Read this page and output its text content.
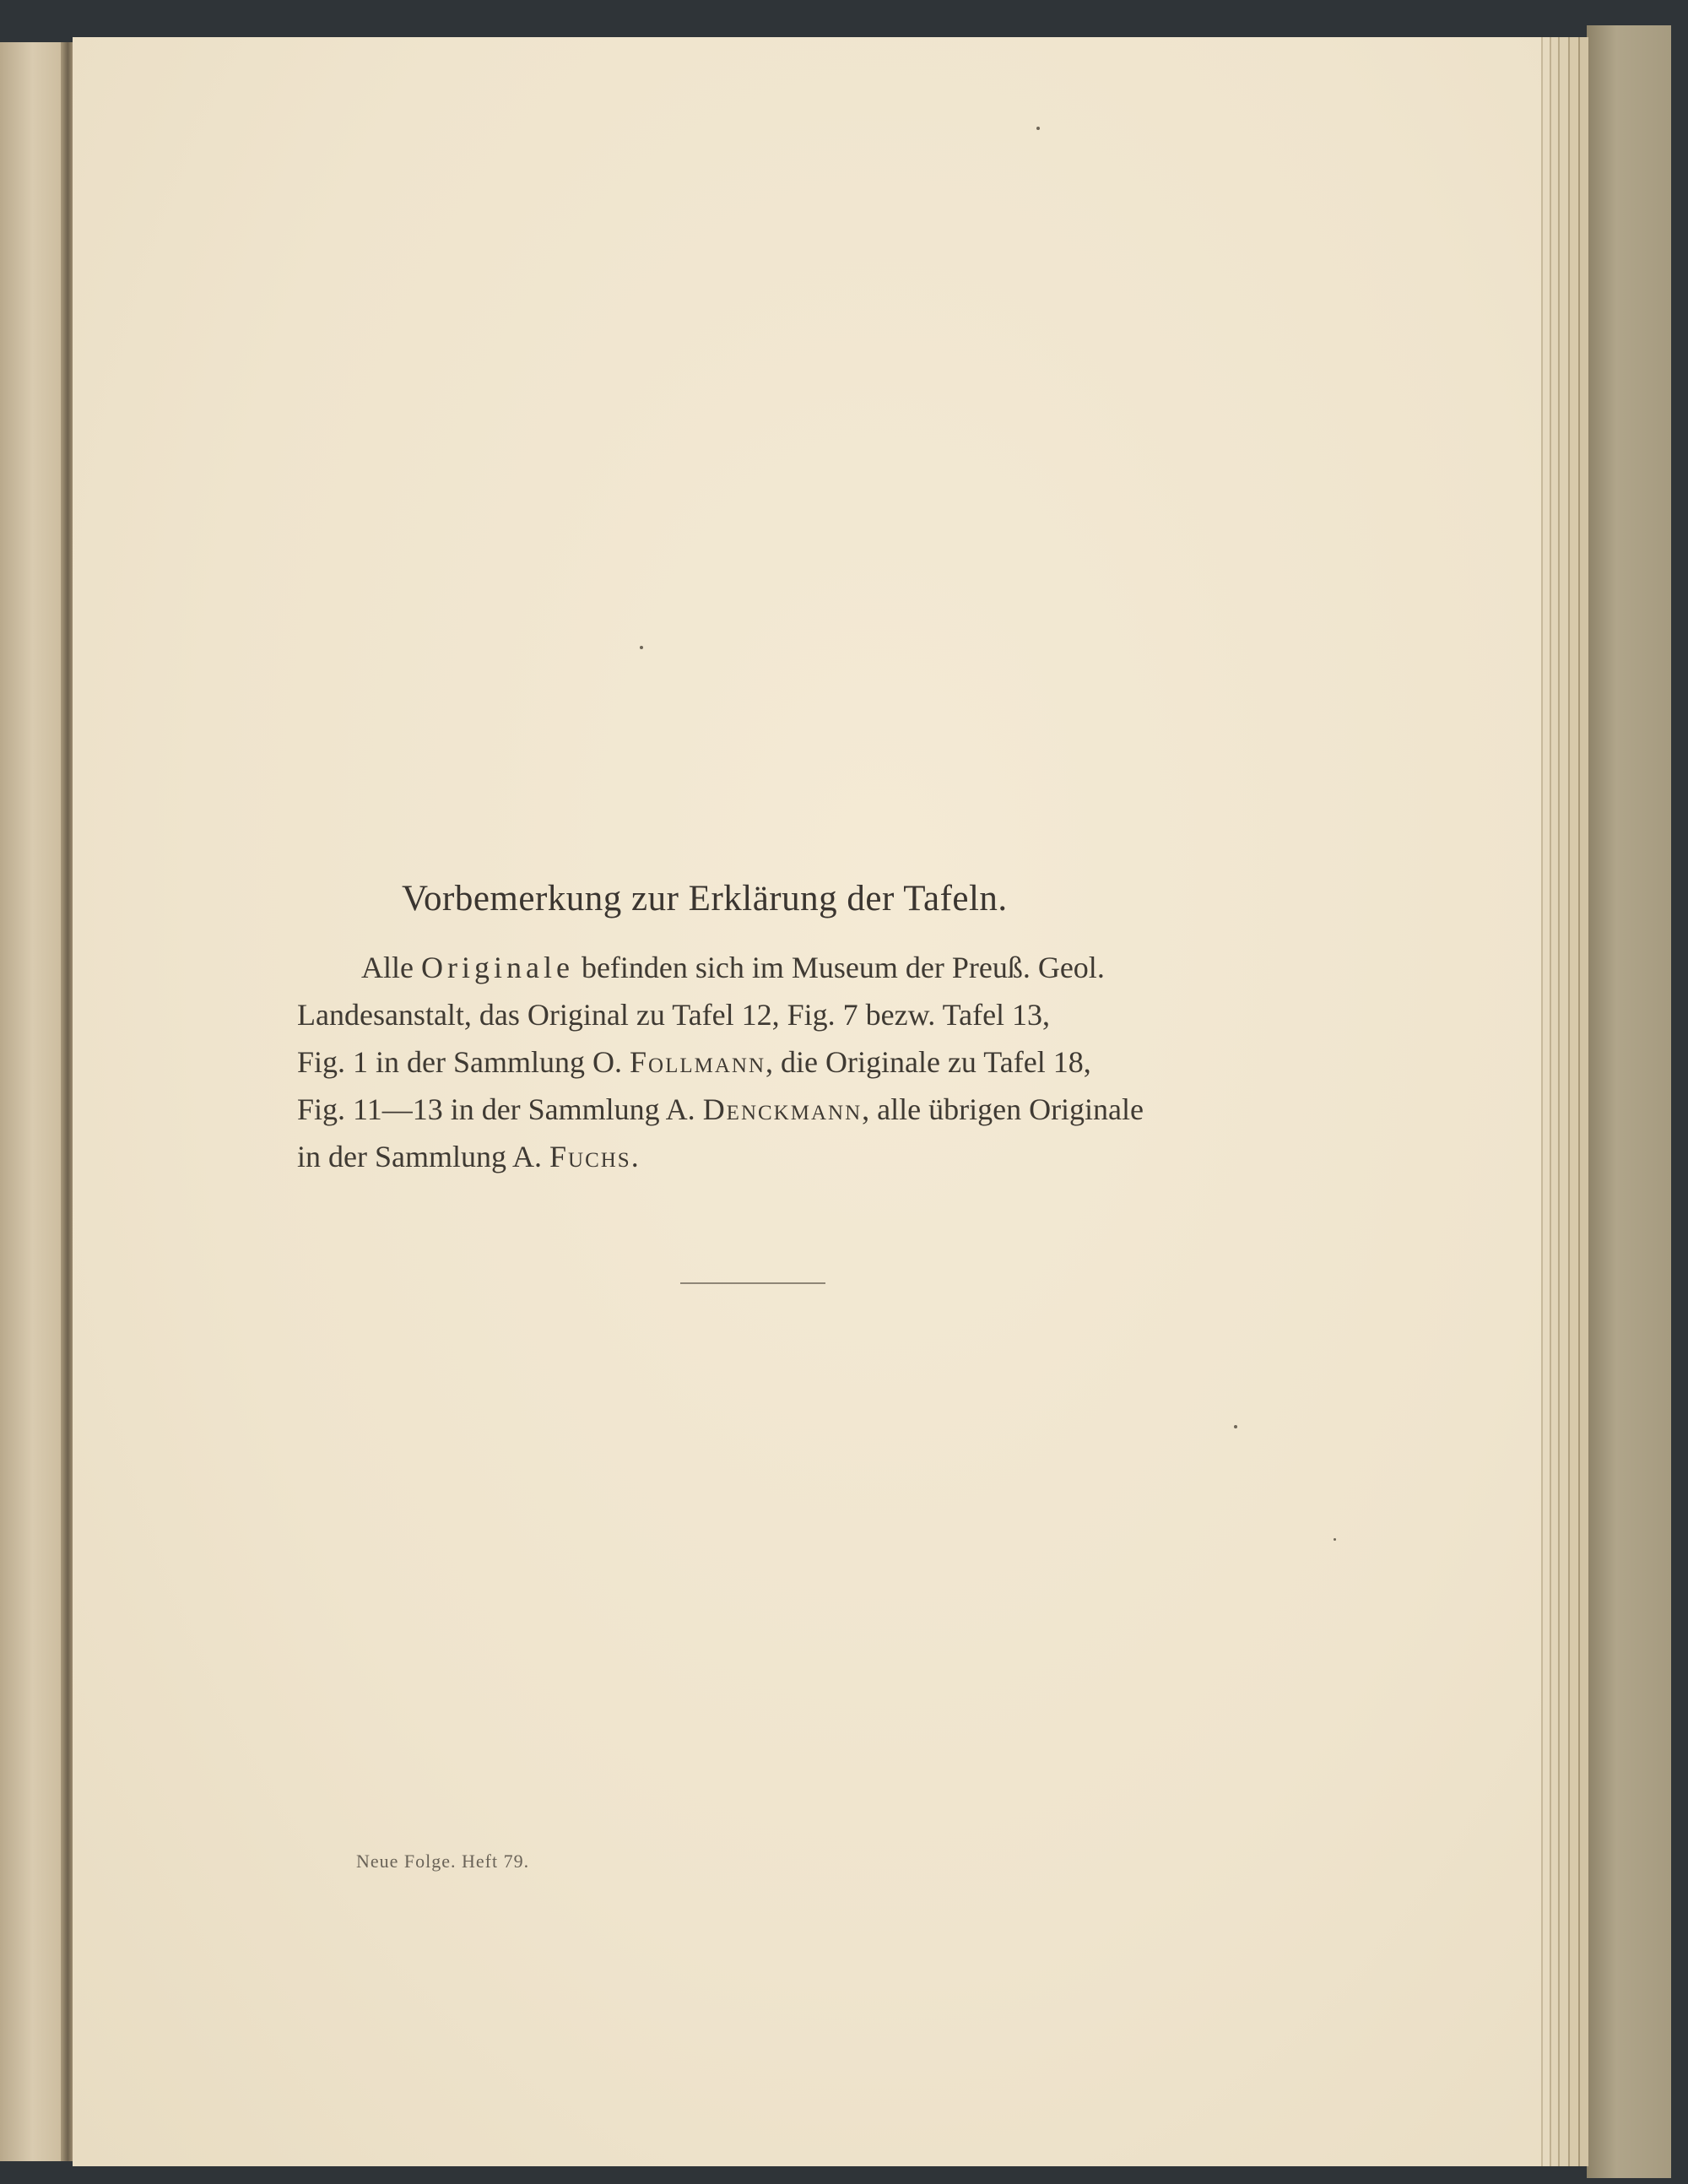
Vorbemerkung zur Erklärung der Tafeln.
Alle Originale befinden sich im Museum der Preuß. Geol.
Landesanstalt, das Original zu Tafel 12, Fig. 7 bezw. Tafel 13,
Fig. 1 in der Sammlung O. Follmann, die Originale zu Tafel 18,
Fig. 11—13 in der Sammlung A. Denckmann, alle übrigen Originale
in der Sammlung A. Fuchs.
Neue Folge. Heft 79.
